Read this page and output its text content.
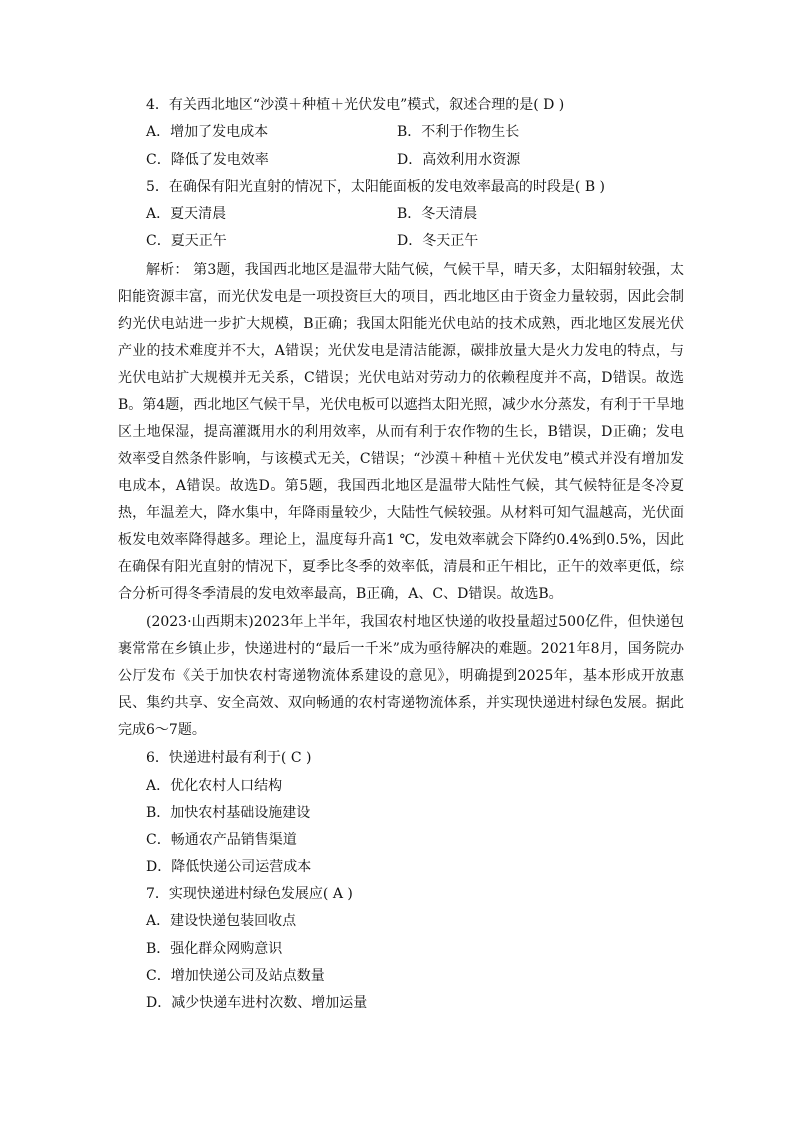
4．有关西北地区“沙漠＋种植＋光伏发电”模式，叙述合理的是( D )
A．增加了发电成本	B．不利于作物生长
C．降低了发电效率	D．高效利用水资源
5．在确保有阳光直射的情况下，太阳能面板的发电效率最高的时段是( B )
A．夏天清晨	B．冬天清晨
C．夏天正午	D．冬天正午

解析： 第3题，我国西北地区是温带大陆气候，气候干旱，晴天多，太阳辐射较强，太阳能资源丰富，而光伏发电是一项投资巨大的项目，西北地区由于资金力量较弱，因此会制约光伏电站进一步扩大规模，B正确；我国太阳能光伏电站的技术成熟，西北地区发展光伏产业的技术难度并不大，A错误；光伏发电是清洁能源，碳排放量大是火力发电的特点，与光伏电站扩大规模并无关系，C错误；光伏电站对劳动力的依赖程度并不高，D错误。故选B。第4题，西北地区气候干旱，光伏电板可以遮挡太阳光照，减少水分蒸发，有利于干旱地区土地保湿，提高灌溉用水的利用效率，从而有利于农作物的生长，B错误，D正确；发电效率受自然条件影响，与该模式无关，C错误；“沙漠＋种植＋光伏发电”模式并没有增加发电成本，A错误。故选D。第5题，我国西北地区是温带大陆性气候，其气候特征是冬冷夏热，年温差大，降水集中，年降雨量较少，大陆性气候较强。从材料可知气温越高，光伏面板发电效率降得越多。理论上，温度每升高1 ℃，发电效率就会下降约0.4%到0.5%，因此在确保有阳光直射的情况下，夏季比冬季的效率低，清晨和正午相比，正午的效率更低，综合分析可得冬季清晨的发电效率最高，B正确，A、C、D错误。故选B。

(2023·山西期末)2023年上半年，我国农村地区快递的收投量超过500亿件，但快递包裹常常在乡镇止步，快递进村的“最后一千米”成为亟待解决的难题。2021年8月，国务院办公厅发布《关于加快农村寄递物流体系建设的意见》，明确提到2025年，基本形成开放惠民、集约共享、安全高效、双向畅通的农村寄递物流体系，并实现快递进村绿色发展。据此完成6～7题。

6．快递进村最有利于( C )
A．优化农村人口结构
B．加快农村基础设施建设
C．畅通农产品销售渠道
D．降低快递公司运营成本
7．实现快递进村绿色发展应( A )
A．建设快递包装回收点
B．强化群众网购意识
C．增加快递公司及站点数量
D．减少快递车进村次数、增加运量
